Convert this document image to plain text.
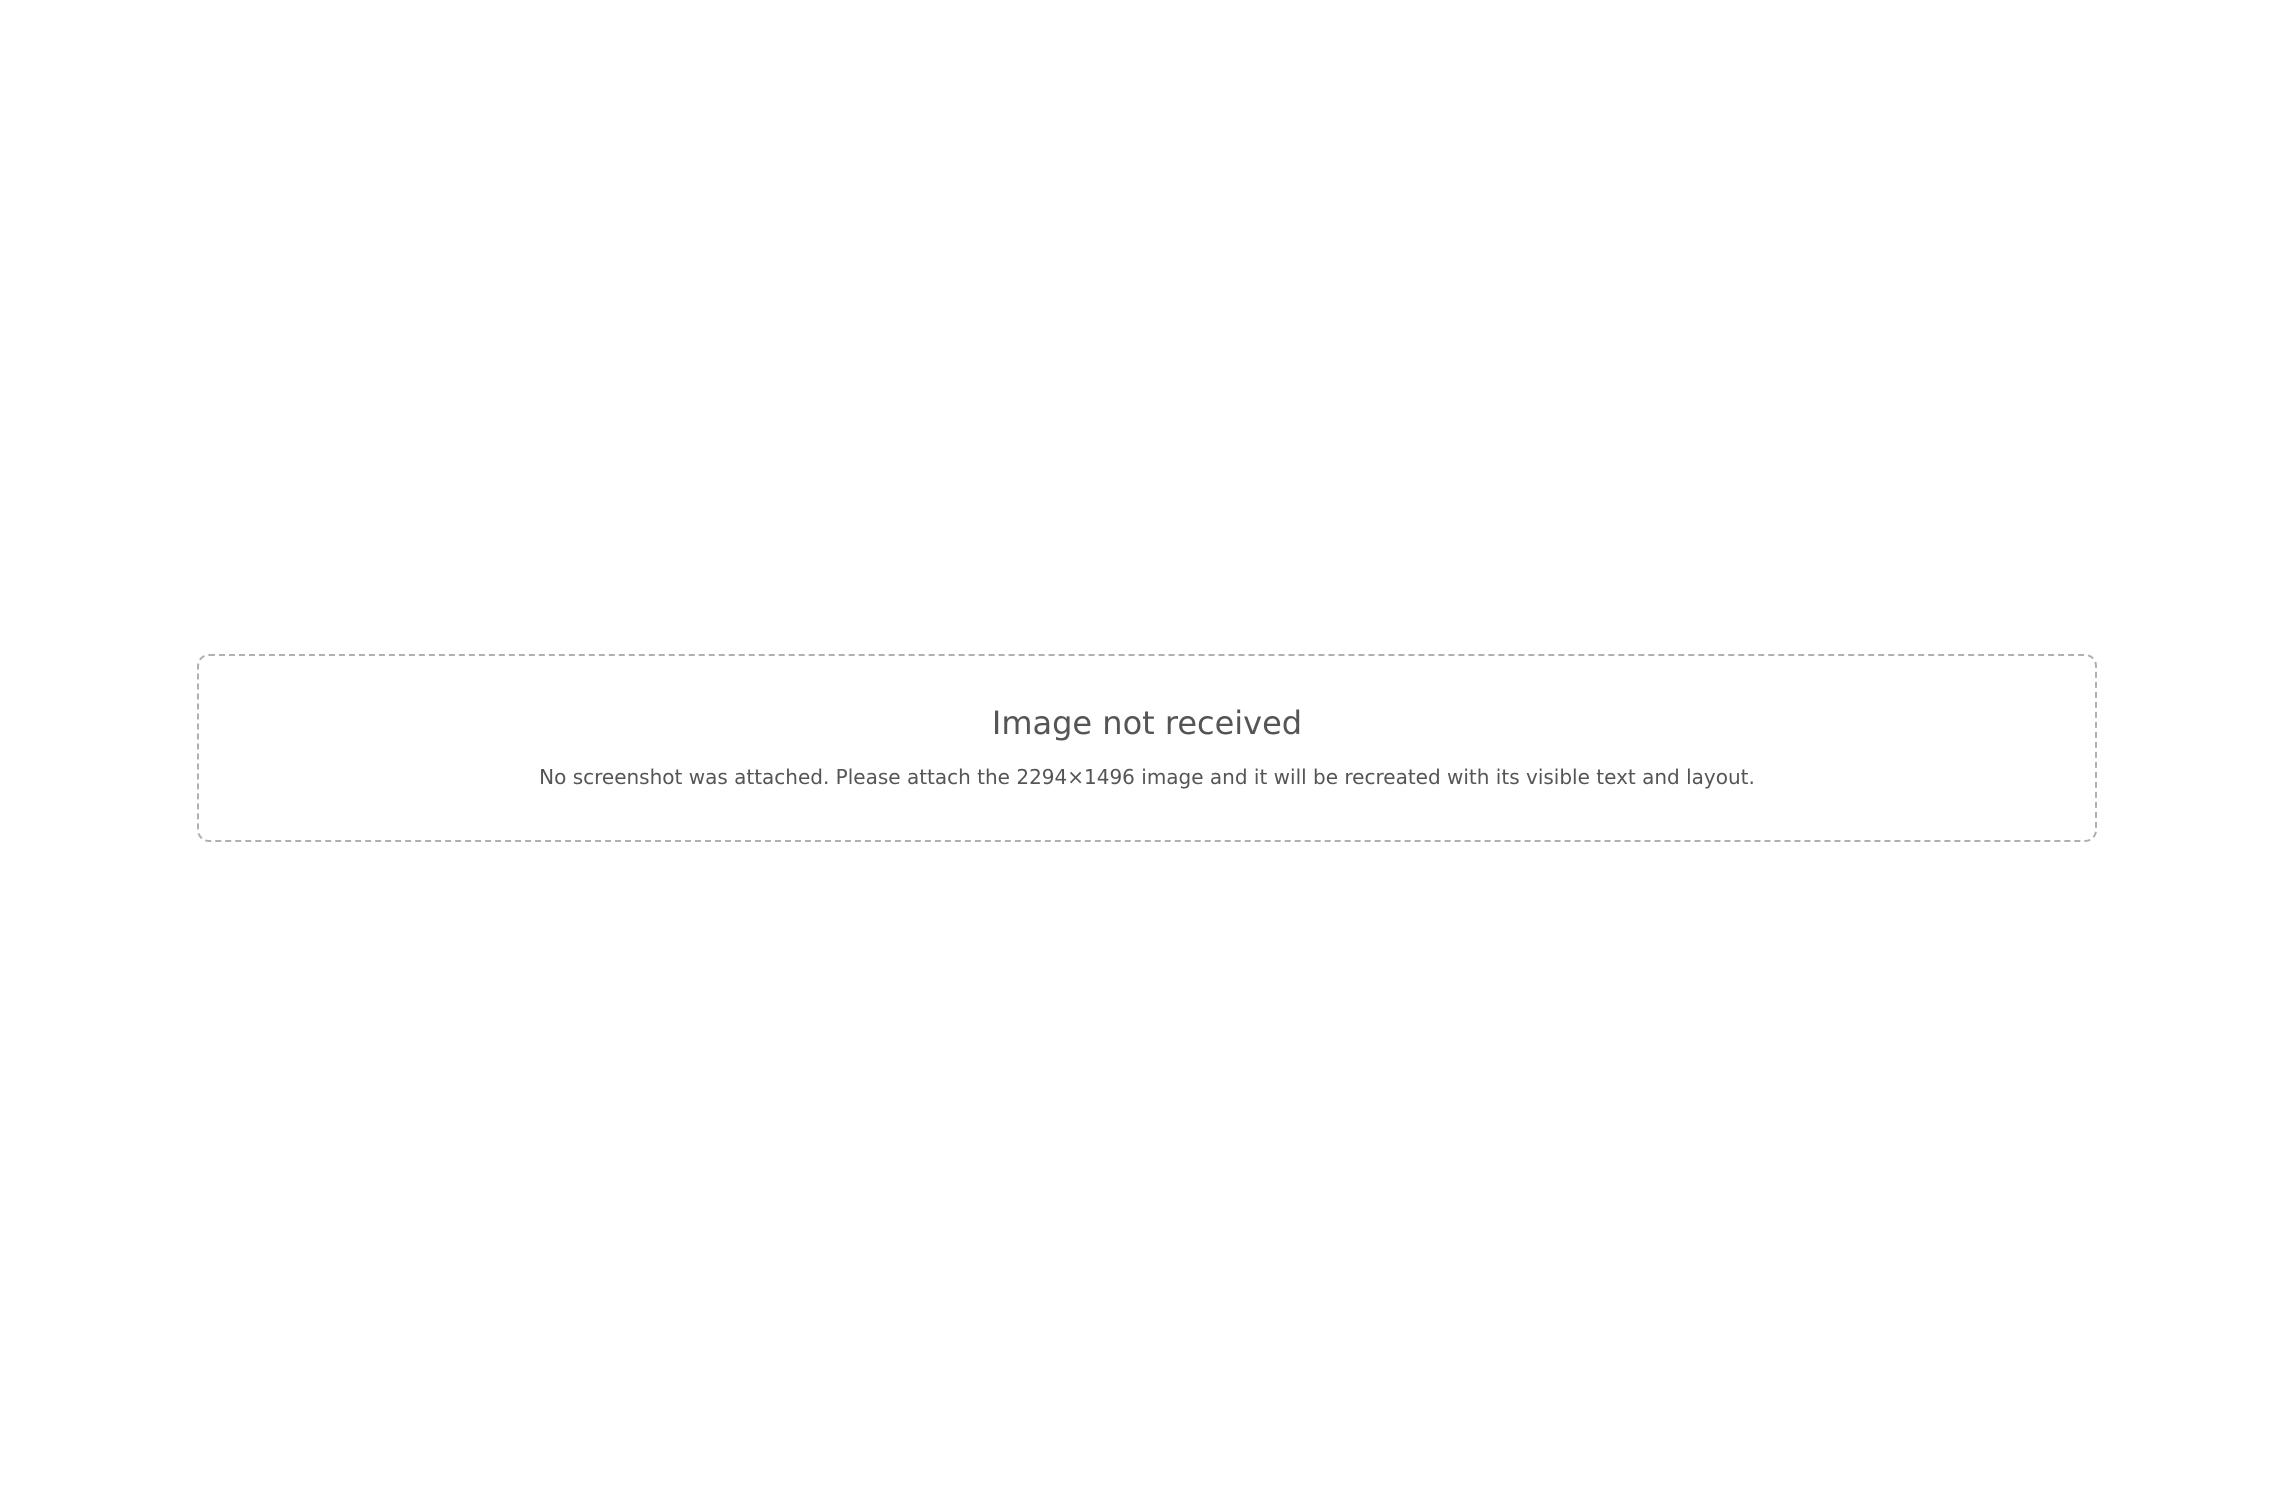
Image not received

No screenshot was attached. Please attach the 2294×1496 image and it will be recreated with its visible text and layout.
